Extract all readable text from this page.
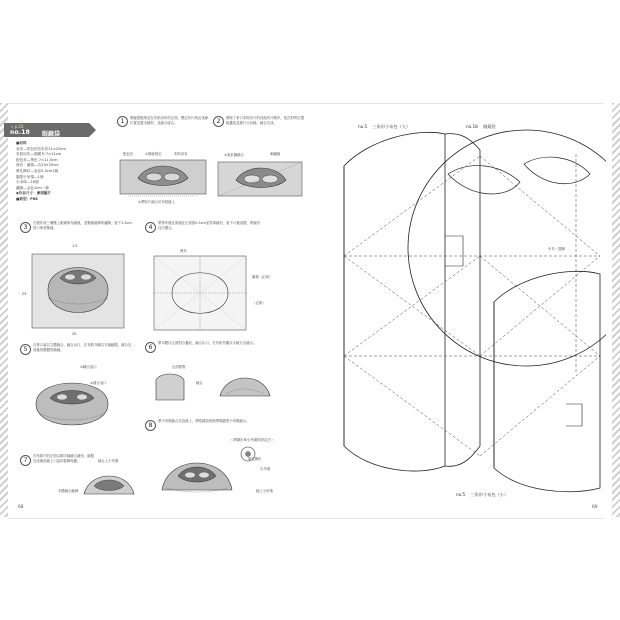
→ p.20
no.18 眼鏡袋
■材料
表布—印色的亮彩布21×20cm
布貼用布—顏麗布 7×11cm
配色布—黑色 7×11.5cm
裡布・襯棉—各23×29cm
單孔鉚釘—直徑0.5cm1個
圓型小吊環—1個
小米珠—16個
繡線—金色1cm一條
◆作品尺寸：參照圖片
■紙型：P68
1	將縫製版紙放在布貼用布的正面，標記布片與完成線位置並畫出縫份，並縫合接合。
配色布	①描繪固定	布貼用布
②將貼片縫合於布貼縫上
2	將除了拿口布貼布片的其他布片順序，依次對齊位置後疊放並進行大針縫，縫合完成。
②原針腳縫合	刺繡縫
3
在製作成三層壓上眼鏡與布縫後，並壓縫裝飾的繡線，留下1.5cm的口與布壓縫。
1.5
23
29
4
將拼布後往兩邊往正面留0.5cm並剪掉縫份，留下口後返摺，將縫份往內摺合。
裡布
襯棉（正面）
（正面）
5
在拼口處以立體縫合，縫合出口，在布貼外圍以平縫縫製，縫合完成後再整體的鉤縫。
①翻出返口
②縫合返口
6
將本體以正面對合疊放，縫合出口，在布貼外圍以平縫方式縫合。
正面相對
縫合
7
在布貼片的正面以順手縫縫合縫份，縫製完成後再縫上口袋的裝飾與鍵。
本體縫合縫線
縫合上小吊環
8
將小吊環縫合在袋緣上，將眼鏡袋收納帶與圓型小吊環縫合。
＜將鉚釘與小吊環的固定法＞
單孔鉚釘
小吊環
縫上小吊環
68
no.5 三角形小布包（大）	no.18 眼鏡袋
no.5 三角形小布包（小）
中央・摺線
69
